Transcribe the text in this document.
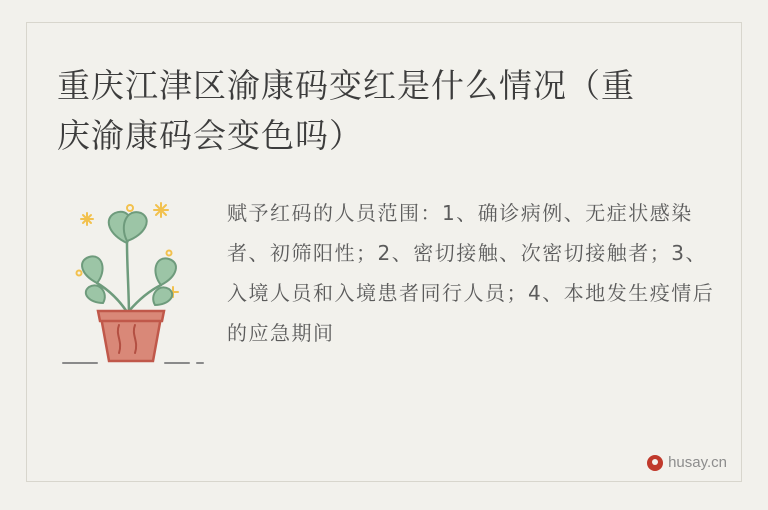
重庆江津区渝康码变红是什么情况（重庆渝康码会变色吗）
赋予红码的人员范围：1、确诊病例、无症状感染者、初筛阳性；2、密切接触、次密切接触者；3、入境人员和入境患者同行人员；4、本地发生疫情后的应急期间
husay.cn
